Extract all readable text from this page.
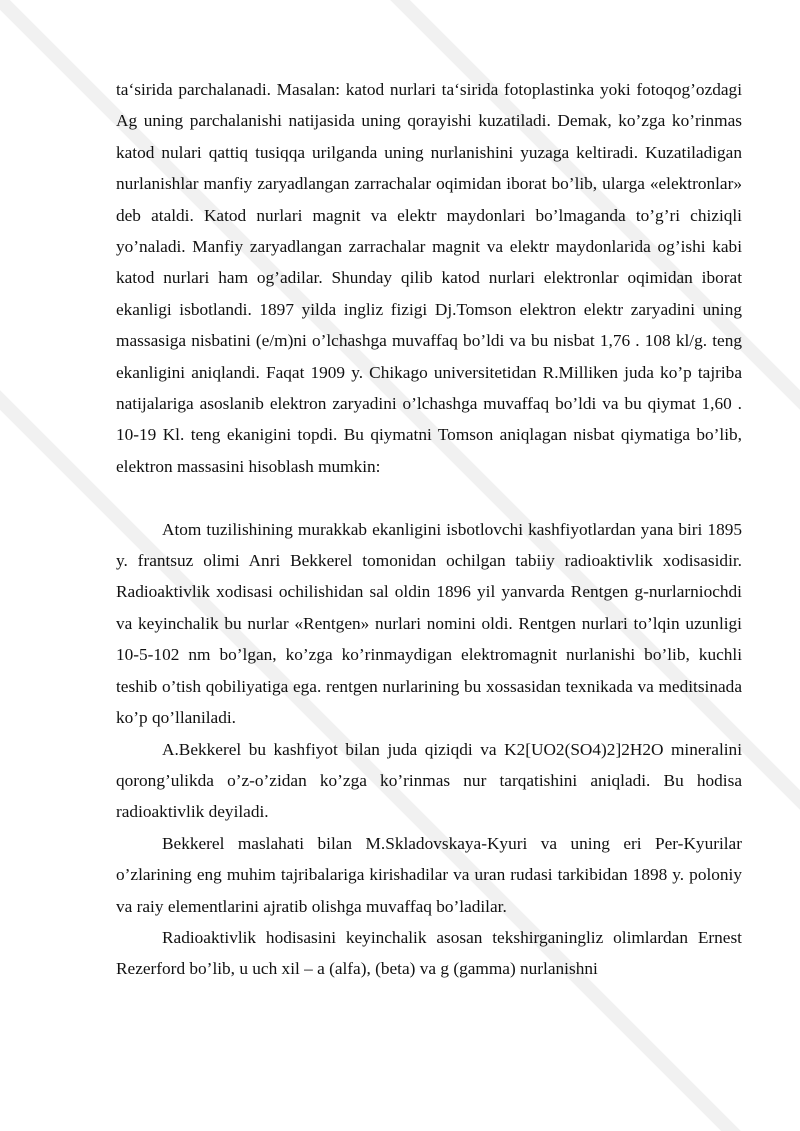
ta‘sirida parchalanadi. Masalan: katod nurlari ta‘sirida fotoplastinka yoki fotoqog’ozdagi Ag uning parchalanishi natijasida uning qorayishi kuzatiladi. Demak, ko’zga ko’rinmas katod nulari qattiq tusiqqa urilganda uning nurlanishini yuzaga keltiradi. Kuzatiladigan nurlanishlar manfiy zaryadlangan zarrachalar oqimidan iborat bo’lib, ularga «elektronlar» deb ataldi. Katod nurlari magnit va elektr maydonlari bo’lmaganda to’g’ri chiziqli yo’naladi. Manfiy zaryadlangan zarrachalar magnit va elektr maydonlarida og’ishi kabi katod nurlari ham og’adilar. Shunday qilib katod nurlari elektronlar oqimidan iborat ekanligi isbotlandi. 1897 yilda ingliz fizigi Dj.Tomson elektron elektr zaryadini uning massasiga nisbatini (e/m)ni o’lchashga muvaffaq bo’ldi va bu nisbat 1,76 . 108 kl/g. teng ekanligini aniqlandi. Faqat 1909 y. Chikago universitetidan R.Milliken juda ko’p tajriba natijalariga asoslanib elektron zaryadini o’lchashga muvaffaq bo’ldi va bu qiymat 1,60 . 10-19 Kl. teng ekanigini topdi. Bu qiymatni Tomson aniqlagan nisbat qiymatiga bo’lib, elektron massasini hisoblash mumkin:

Atom tuzilishining murakkab ekanligini isbotlovchi kashfiyotlardan yana biri 1895 y. frantsuz olimi Anri Bekkerel tomonidan ochilgan tabiiy radioaktivlik xodisasidir. Radioaktivlik xodisasi ochilishidan sal oldin 1896 yil yanvarda Rentgen g-nurlarniochdi va keyinchalik bu nurlar «Rentgen» nurlari nomini oldi. Rentgen nurlari to’lqin uzunligi 10-5-102 nm bo’lgan, ko’zga ko’rinmaydigan elektromagnit nurlanishi bo’lib, kuchli teshib o’tish qobiliyatiga ega. rentgen nurlarining bu xossasidan texnikada va meditsinada ko’p qo’llaniladi.

A.Bekkerel bu kashfiyot bilan juda qiziqdi va K2[UO2(SO4)2]2H2O mineralini qorong’ulikda o’z-o’zidan ko’zga ko’rinmas nur tarqatishini aniqladi. Bu hodisa radioaktivlik deyiladi.

Bekkerel maslahati bilan M.Skladovskaya-Kyuri va uning eri Per-Kyurilar o’zlarining eng muhim tajribalariga kirishadilar va uran rudasi tarkibidan 1898 y. poloniy va raiy elementlarini ajratib olishga muvaffaq bo’ladilar.

Radioaktivlik hodisasini keyinchalik asosan tekshirganingliz olimlardan Ernest Rezerford bo’lib, u uch xil – a (alfa), (beta) va g (gamma) nurlanishni
